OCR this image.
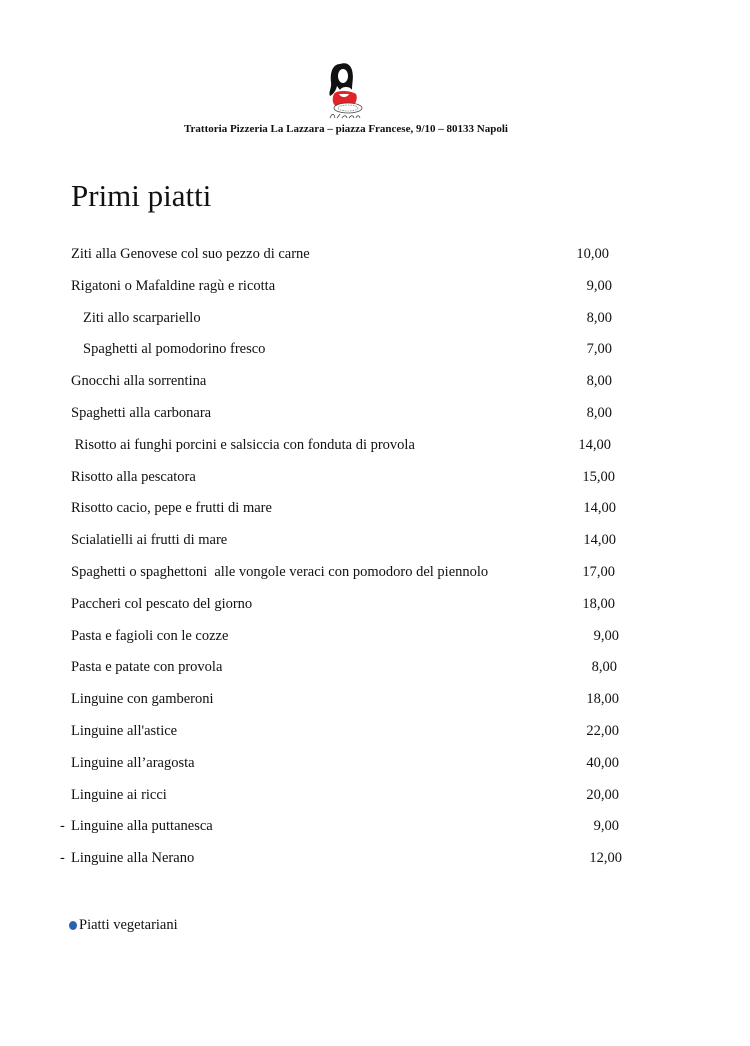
Trattoria Pizzeria La Lazzara – piazza Francese, 9/10 – 80133 Napoli
Primi piatti
Ziti alla Genovese col suo pezzo di carne	10,00
Rigatoni o Mafaldine ragù e ricotta	9,00
Ziti allo scarpariello	8,00
Spaghetti al pomodorino fresco	7,00
Gnocchi alla sorrentina	8,00
Spaghetti alla carbonara	8,00
Risotto ai funghi porcini e salsiccia con fonduta di provola	14,00
Risotto alla pescatora	15,00
Risotto cacio, pepe e frutti di mare	14,00
Scialatielli ai frutti di mare	14,00
Spaghetti o spaghettoni  alle vongole veraci con pomodoro del piennolo	17,00
Paccheri col pescato del giorno	18,00
Pasta e fagioli con le cozze	9,00
Pasta e patate con provola	8,00
Linguine con gamberoni	18,00
Linguine all'astice	22,00
Linguine all’aragosta	40,00
Linguine ai ricci	20,00
- Linguine alla puttanesca	9,00
- Linguine alla Nerano	12,00
Piatti vegetariani
